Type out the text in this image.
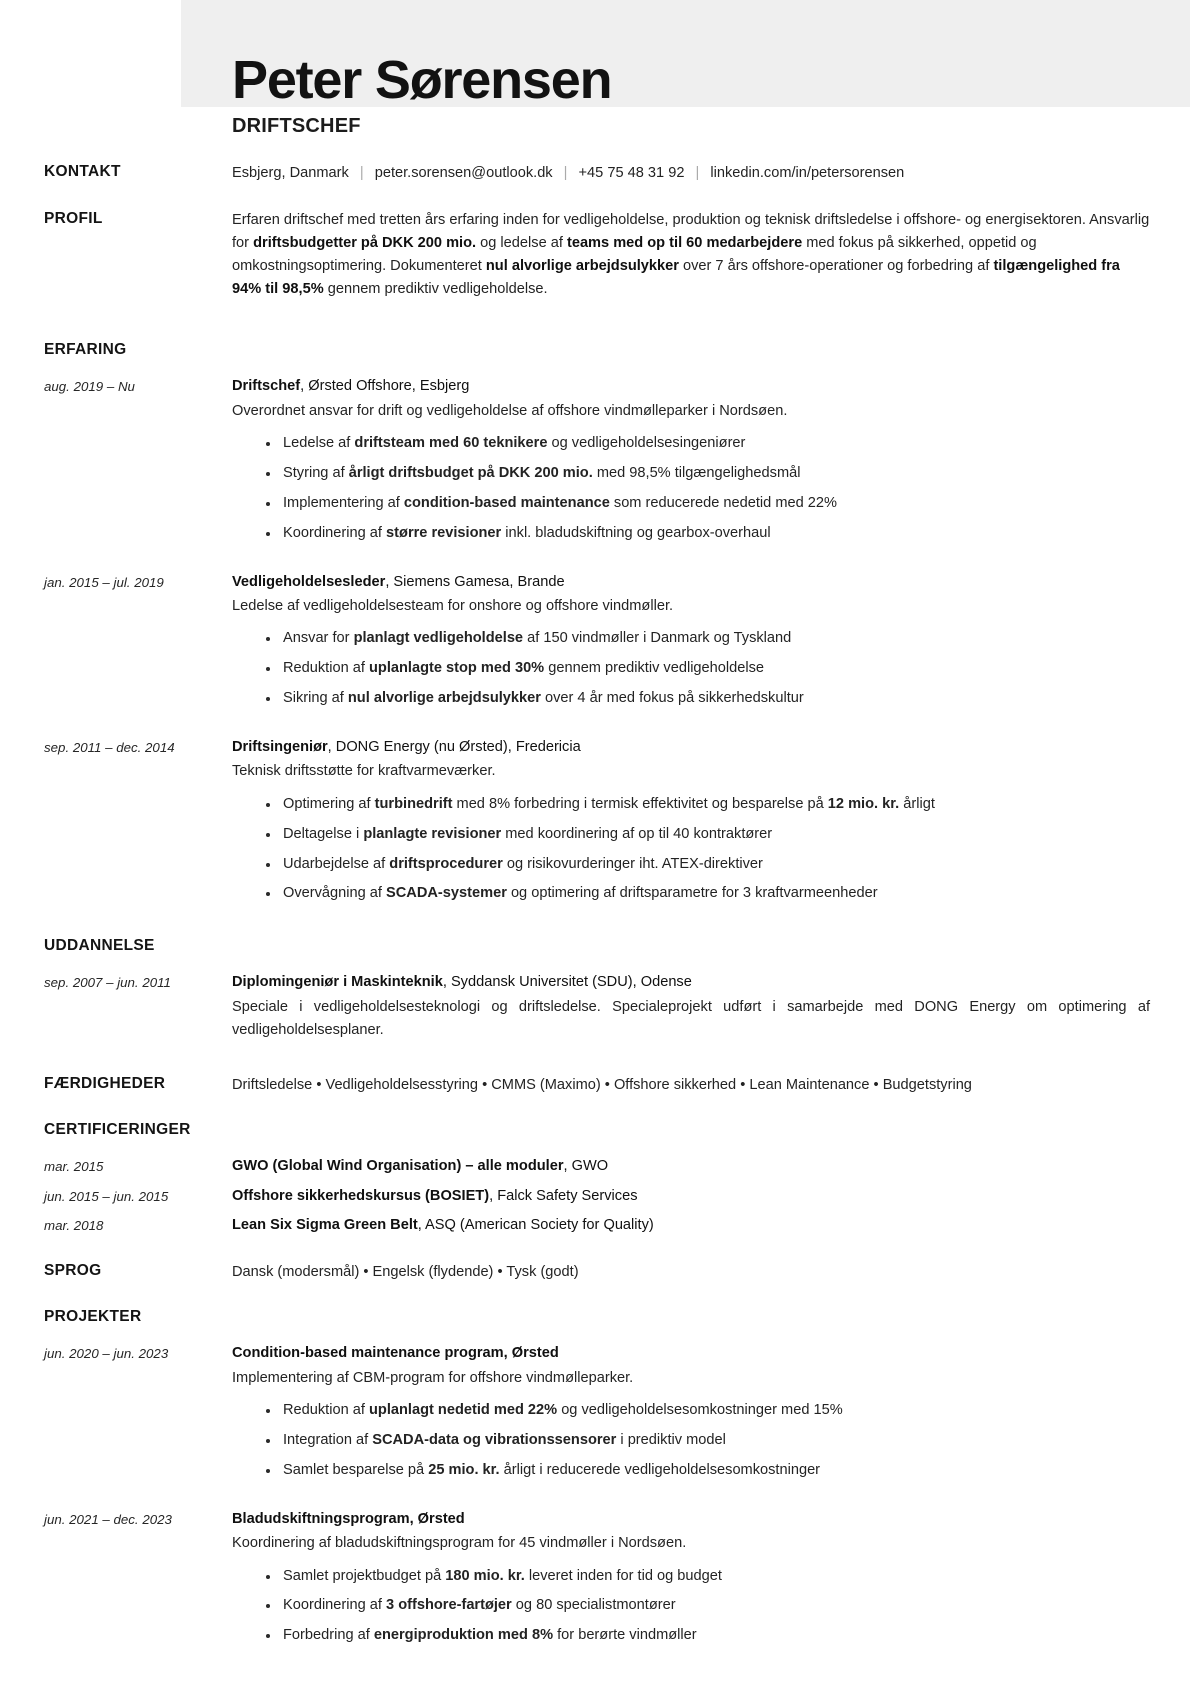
Peter Sørensen
DRIFTSCHEF
KONTAKT	Esbjerg, Danmark | peter.sorensen@outlook.dk | +45 75 48 31 92 | linkedin.com/in/petersorensen
PROFIL	Erfaren driftschef med tretten års erfaring inden for vedligeholdelse, produktion og teknisk driftsledelse i offshore- og energisektoren. Ansvarlig for driftsbudgetter på DKK 200 mio. og ledelse af teams med op til 60 medarbejdere med fokus på sikkerhed, oppetid og omkostningsoptimering. Dokumenteret nul alvorlige arbejdsulykker over 7 års offshore-operationer og forbedring af tilgængelighed fra 94% til 98,5% gennem prediktiv vedligeholdelse.
ERFARING
aug. 2019 – Nu	Driftschef, Ørsted Offshore, Esbjerg
Overordnet ansvar for drift og vedligeholdelse af offshore vindmølleparker i Nordsøen.
Ledelse af driftsteam med 60 teknikere og vedligeholdelsesingeniører
Styring af årligt driftsbudget på DKK 200 mio. med 98,5% tilgængelighedsmål
Implementering af condition-based maintenance som reducerede nedetid med 22%
Koordinering af større revisioner inkl. bladudskiftning og gearbox-overhaul
jan. 2015 – jul. 2019	Vedligeholdelsesleder, Siemens Gamesa, Brande
Ledelse af vedligeholdelsesteam for onshore og offshore vindmøller.
Ansvar for planlagt vedligeholdelse af 150 vindmøller i Danmark og Tyskland
Reduktion af uplanlagte stop med 30% gennem prediktiv vedligeholdelse
Sikring af nul alvorlige arbejdsulykker over 4 år med fokus på sikkerhedskultur
sep. 2011 – dec. 2014	Driftsingeniør, DONG Energy (nu Ørsted), Fredericia
Teknisk driftsstøtte for kraftvarmeværker.
Optimering af turbinedrift med 8% forbedring i termisk effektivitet og besparelse på 12 mio. kr. årligt
Deltagelse i planlagte revisioner med koordinering af op til 40 kontraktører
Udarbejdelse af driftsprocedurer og risikovurderinger iht. ATEX-direktiver
Overvågning af SCADA-systemer og optimering af driftsparametre for 3 kraftvarmeenheder
UDDANNELSE
sep. 2007 – jun. 2011	Diplomingeniør i Maskinteknik, Syddansk Universitet (SDU), Odense
Speciale i vedligeholdelsesteknologi og driftsledelse. Specialeprojekt udført i samarbejde med DONG Energy om optimering af vedligeholdelsesplaner.
FÆRDIGHEDER	Driftsledelse • Vedligeholdelsesstyring • CMMS (Maximo) • Offshore sikkerhed • Lean Maintenance • Budgetstyring
CERTIFICERINGER
mar. 2015	GWO (Global Wind Organisation) – alle moduler, GWO
jun. 2015 – jun. 2015	Offshore sikkerhedskursus (BOSIET), Falck Safety Services
mar. 2018	Lean Six Sigma Green Belt, ASQ (American Society for Quality)
SPROG	Dansk (modersmål) • Engelsk (flydende) • Tysk (godt)
PROJEKTER
jun. 2020 – jun. 2023	Condition-based maintenance program, Ørsted
Implementering af CBM-program for offshore vindmølleparker.
Reduktion af uplanlagt nedetid med 22% og vedligeholdelsesomkostninger med 15%
Integration af SCADA-data og vibrationssensorer i prediktiv model
Samlet besparelse på 25 mio. kr. årligt i reducerede vedligeholdelsesomkostninger
jun. 2021 – dec. 2023	Bladudskiftningsprogram, Ørsted
Koordinering af bladudskiftningsprogram for 45 vindmøller i Nordsøen.
Samlet projektbudget på 180 mio. kr. leveret inden for tid og budget
Koordinering af 3 offshore-fartøjer og 80 specialistmontører
Forbedring af energiproduktion med 8% for berørte vindmøller
